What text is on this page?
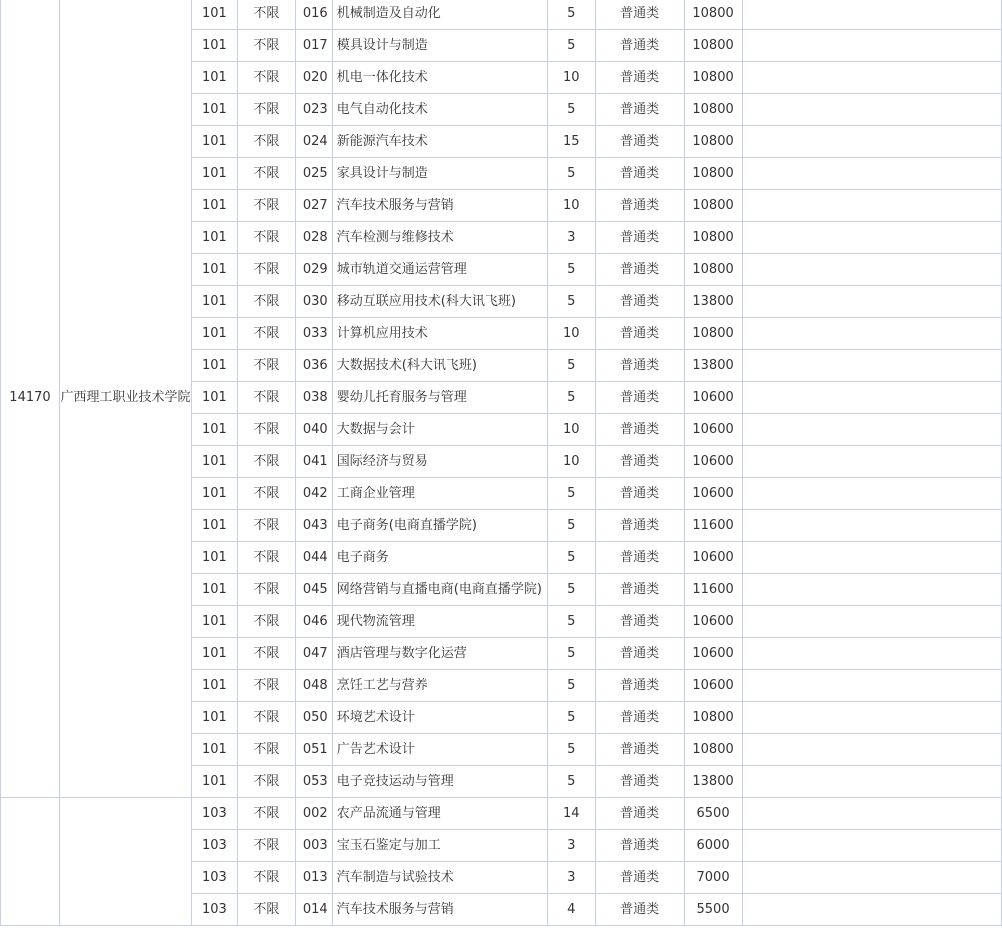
14170	广西理工职业技术学院	101	不限	016	机械制造及自动化	5	普通类	10800	
		101	不限	017	模具设计与制造	5	普通类	10800	
		101	不限	020	机电一体化技术	10	普通类	10800	
		101	不限	023	电气自动化技术	5	普通类	10800	
		101	不限	024	新能源汽车技术	15	普通类	10800	
		101	不限	025	家具设计与制造	5	普通类	10800	
		101	不限	027	汽车技术服务与营销	10	普通类	10800	
		101	不限	028	汽车检测与维修技术	3	普通类	10800	
		101	不限	029	城市轨道交通运营管理	5	普通类	10800	
		101	不限	030	移动互联应用技术(科大讯飞班)	5	普通类	13800	
		101	不限	033	计算机应用技术	10	普通类	10800	
		101	不限	036	大数据技术(科大讯飞班)	5	普通类	13800	
		101	不限	038	婴幼儿托育服务与管理	5	普通类	10600	
		101	不限	040	大数据与会计	10	普通类	10600	
		101	不限	041	国际经济与贸易	10	普通类	10600	
		101	不限	042	工商企业管理	5	普通类	10600	
		101	不限	043	电子商务(电商直播学院)	5	普通类	11600	
		101	不限	044	电子商务	5	普通类	10600	
		101	不限	045	网络营销与直播电商(电商直播学院)	5	普通类	11600	
		101	不限	046	现代物流管理	5	普通类	10600	
		101	不限	047	酒店管理与数字化运营	5	普通类	10600	
		101	不限	048	烹饪工艺与营养	5	普通类	10600	
		101	不限	050	环境艺术设计	5	普通类	10800	
		101	不限	051	广告艺术设计	5	普通类	10800	
		101	不限	053	电子竞技运动与管理	5	普通类	13800	
		103	不限	002	农产品流通与管理	14	普通类	6500	
		103	不限	003	宝玉石鉴定与加工	3	普通类	6000	
		103	不限	013	汽车制造与试验技术	3	普通类	7000	
		103	不限	014	汽车技术服务与营销	4	普通类	5500	
